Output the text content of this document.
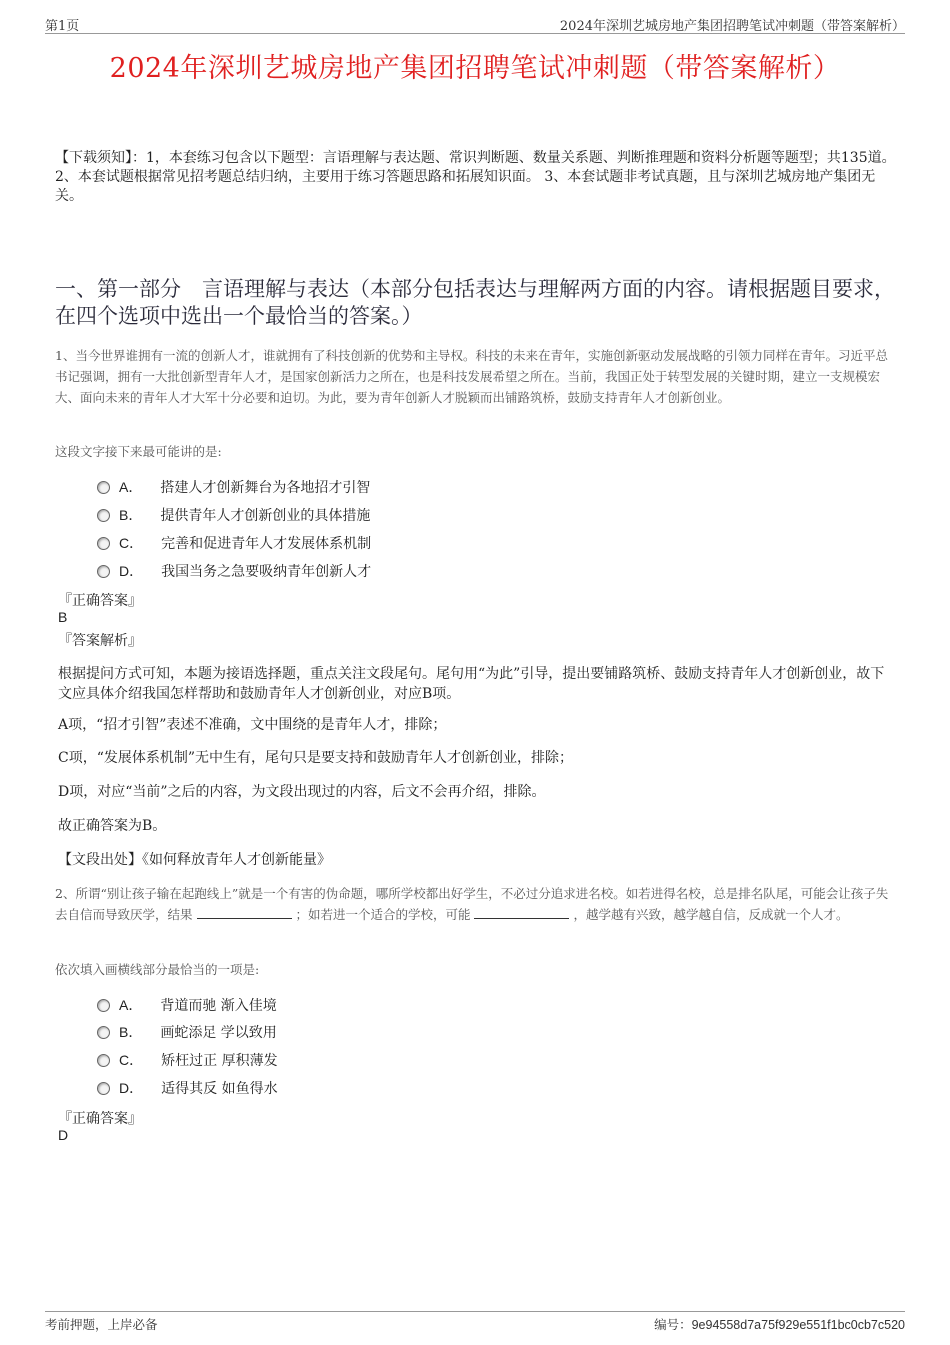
第1页	2024年深圳艺城房地产集团招聘笔试冲刺题（带答案解析）
2024年深圳艺城房地产集团招聘笔试冲刺题（带答案解析）
【下载须知】：1，本套练习包含以下题型：言语理解与表达题、常识判断题、数量关系题、判断推理题和资料分析题等题型；共135道。 2、本套试题根据常见招考题总结归纳，主要用于练习答题思路和拓展知识面。 3、本套试题非考试真题，且与深圳艺城房地产集团无关。
一、第一部分　言语理解与表达（本部分包括表达与理解两方面的内容。请根据题目要求，在四个选项中选出一个最恰当的答案。）
1、当今世界谁拥有一流的创新人才，谁就拥有了科技创新的优势和主导权。科技的未来在青年，实施创新驱动发展战略的引领力同样在青年。习近平总书记强调，拥有一大批创新型青年人才，是国家创新活力之所在，也是科技发展希望之所在。当前，我国正处于转型发展的关键时期，建立一支规模宏大、面向未来的青年人才大军十分必要和迫切。为此，要为青年创新人才脱颖而出铺路筑桥，鼓励支持青年人才创新创业。
这段文字接下来最可能讲的是:
A． 搭建人才创新舞台为各地招才引智
B． 提供青年人才创新创业的具体措施
C． 完善和促进青年人才发展体系机制
D． 我国当务之急要吸纳青年创新人才
『正确答案』
B
『答案解析』
根据提问方式可知，本题为接语选择题，重点关注文段尾句。尾句用“为此”引导，提出要铺路筑桥、鼓励支持青年人才创新创业，故下文应具体介绍我国怎样帮助和鼓励青年人才创新创业，对应B项。
A项，“招才引智”表述不准确，文中围绕的是青年人才，排除；
C项，“发展体系机制”无中生有，尾句只是要支持和鼓励青年人才创新创业，排除；
D项，对应“当前”之后的内容，为文段出现过的内容，后文不会再介绍，排除。
故正确答案为B。
【文段出处】《如何释放青年人才创新能量》
2、所谓“别让孩子输在起跑线上”就是一个有害的伪命题，哪所学校都出好学生，不必过分追求进名校。如若进得名校，总是排名队尾，可能会让孩子失去自信而导致厌学，结果	；如若进一个适合的学校，可能	，越学越有兴致，越学越自信，反成就一个人才。
依次填入画横线部分最恰当的一项是:
A． 背道而驰 渐入佳境
B． 画蛇添足 学以致用
C． 矫枉过正 厚积薄发
D． 适得其反 如鱼得水
『正确答案』
D
考前押题，上岸必备	编号：9e94558d7a75f929e551f1bc0cb7c520
